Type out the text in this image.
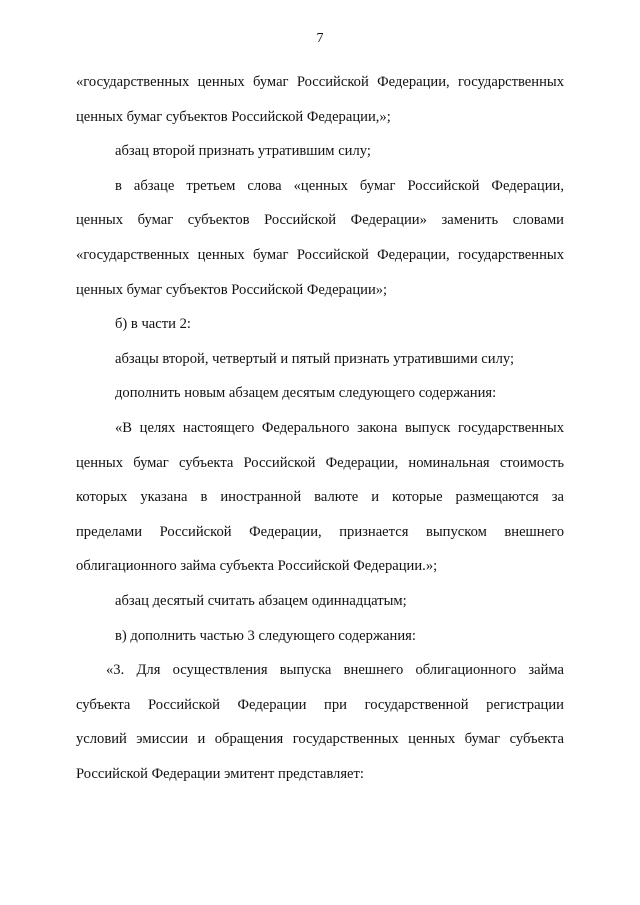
7
«государственных ценных бумаг Российской Федерации, государственных
ценных бумаг субъектов Российской Федерации,»;
абзац второй признать утратившим силу;
в абзаце третьем слова «ценных бумаг Российской Федерации,
ценных бумаг субъектов Российской Федерации» заменить словами
«государственных ценных бумаг Российской Федерации, государственных
ценных бумаг субъектов Российской Федерации»;
б) в части 2:
абзацы второй, четвертый и пятый признать утратившими силу;
дополнить новым абзацем десятым следующего содержания:
«В целях настоящего Федерального закона выпуск государственных
ценных бумаг субъекта Российской Федерации, номинальная стоимость
которых указана в иностранной валюте и которые размещаются за
пределами Российской Федерации, признается выпуском внешнего
облигационного займа субъекта Российской Федерации.»;
абзац десятый считать абзацем одиннадцатым;
в) дополнить частью 3 следующего содержания:
«3. Для осуществления выпуска внешнего облигационного займа
субъекта Российской Федерации при государственной регистрации
условий эмиссии и обращения государственных ценных бумаг субъекта
Российской Федерации эмитент представляет:
